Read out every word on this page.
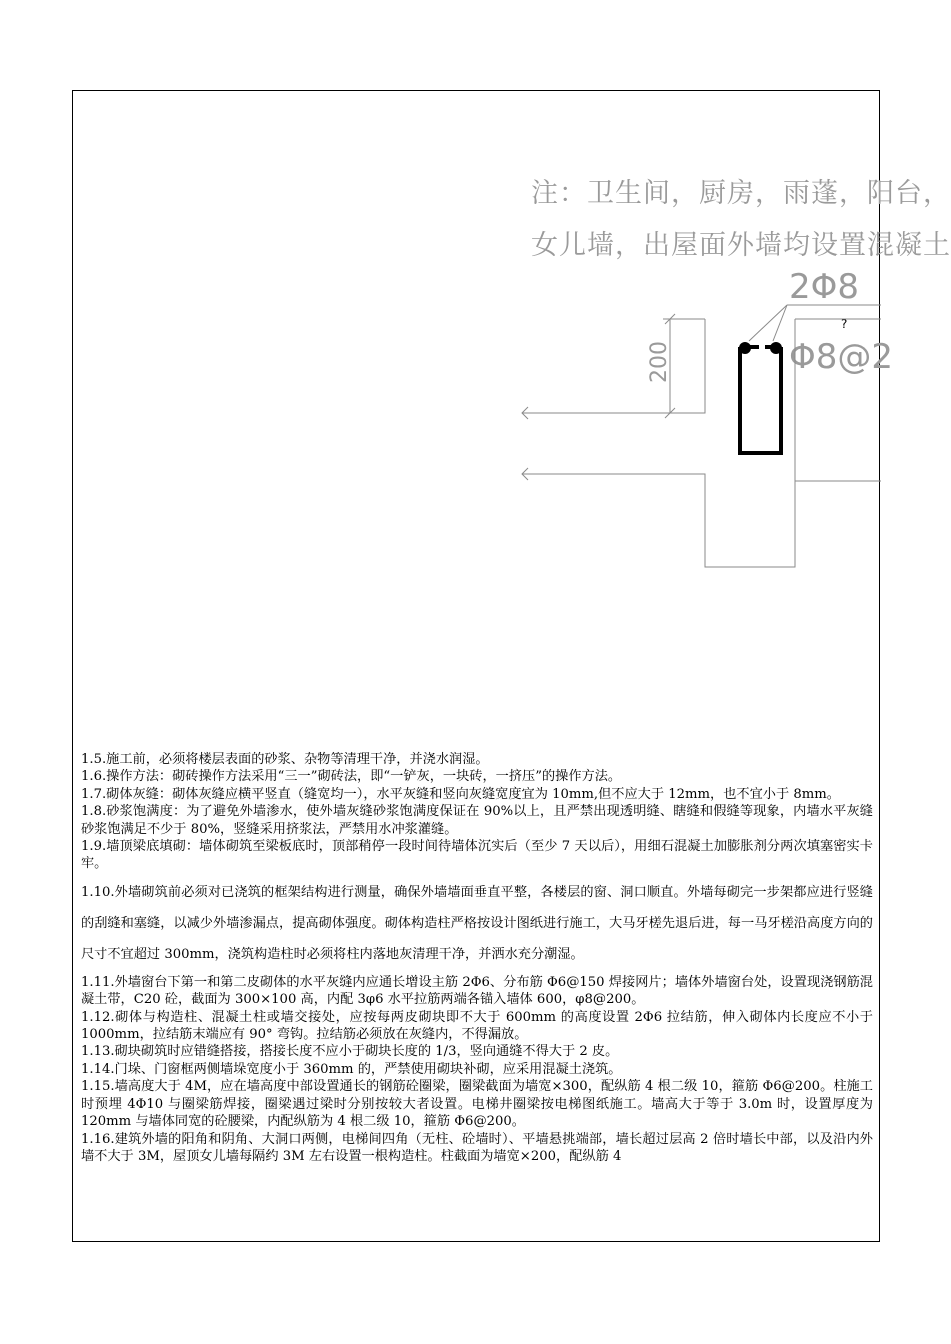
注：卫生间，厨房，雨蓬，阳台，
女儿墙，出屋面外墙均设置混凝土
2Φ8
Φ8@2
200
?

1.5.施工前，必须将楼层表面的砂浆、杂物等清理干净，并浇水润湿。

1.6.操作方法：砌砖操作方法采用“三一”砌砖法，即“一铲灰，一块砖，一挤压”的操作方法。

1.7.砌体灰缝：砌体灰缝应横平竖直（缝宽均一），水平灰缝和竖向灰缝宽度宜为 10mm,但不应大于 12mm，也不宜小于 8mm。

1.8.砂浆饱满度：为了避免外墙渗水，使外墙灰缝砂浆饱满度保证在 90%以上，且严禁出现透明缝、瞎缝和假缝等现象，内墙水平灰缝砂浆饱满足不少于 80%，竖缝采用挤浆法，严禁用水冲浆灌缝。

1.9.墙顶梁底填砌：墙体砌筑至梁板底时，顶部稍停一段时间待墙体沉实后（至少 7 天以后），用细石混凝土加膨胀剂分两次填塞密实卡牢。

1.10.外墙砌筑前必须对已浇筑的框架结构进行测量，确保外墙墙面垂直平整，各楼层的窗、洞口顺直。外墙每砌完一步架都应进行竖缝的刮缝和塞缝，以减少外墙渗漏点，提高砌体强度。砌体构造柱严格按设计图纸进行施工，大马牙槎先退后进，每一马牙槎沿高度方向的尺寸不宜超过 300mm，浇筑构造柱时必须将柱内落地灰清理干净，并洒水充分潮湿。

1.11.外墙窗台下第一和第二皮砌体的水平灰缝内应通长增设主筋 2Φ6、分布筋 Φ6@150 焊接网片；墙体外墙窗台处，设置现浇钢筋混凝土带，C20 砼，截面为 300×100 高，内配 3φ6 水平拉筋两端各锚入墙体 600，φ8@200。

1.12.砌体与构造柱、混凝土柱或墙交接处，应按每两皮砌块即不大于 600mm 的高度设置 2Φ6 拉结筋，伸入砌体内长度应不小于 1000mm，拉结筋末端应有 90° 弯钩。拉结筋必须放在灰缝内，不得漏放。

1.13.砌块砌筑时应错缝搭接，搭接长度不应小于砌块长度的 1/3，竖向通缝不得大于 2 皮。

1.14.门垛、门窗框两侧墙垛宽度小于 360mm 的，严禁使用砌块补砌，应采用混凝土浇筑。

1.15.墙高度大于 4M，应在墙高度中部设置通长的钢筋砼圈梁，圈梁截面为墙宽×300，配纵筋 4 根二级 10，箍筋 Φ6@200。柱施工时预埋 4Φ10 与圈梁筋焊接，圈梁遇过梁时分别按较大者设置。电梯井圈梁按电梯图纸施工。墙高大于等于 3.0m 时，设置厚度为 120mm 与墙体同宽的砼腰梁，内配纵筋为 4 根二级 10，箍筋 Φ6@200。

1.16.建筑外墙的阳角和阴角、大洞口两侧，电梯间四角（无柱、砼墙时）、平墙悬挑端部，墙长超过层高 2 倍时墙长中部，以及沿内外墙不大于 3M，屋顶女儿墙每隔约 3M 左右设置一根构造柱。柱截面为墙宽×200，配纵筋 4
